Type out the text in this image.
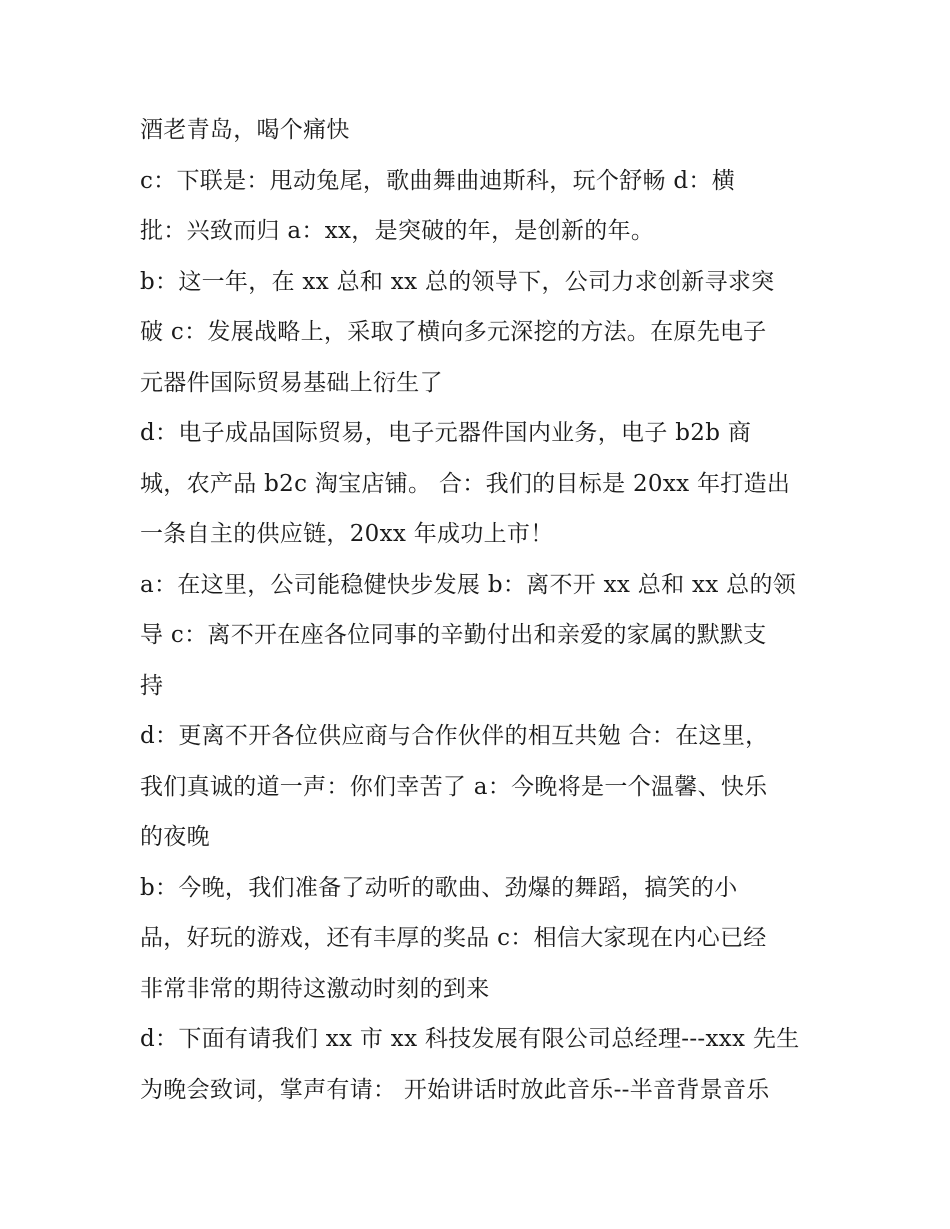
酒老青岛，喝个痛快
c：下联是：甩动兔尾，歌曲舞曲迪斯科，玩个舒畅 d：横
批：兴致而归 a：xx，是突破的年，是创新的年。
b：这一年，在 xx 总和 xx 总的领导下，公司力求创新寻求突
破 c：发展战略上，采取了横向多元深挖的方法。在原先电子
元器件国际贸易基础上衍生了
d：电子成品国际贸易，电子元器件国内业务，电子 b2b 商
城，农产品 b2c 淘宝店铺。 合：我们的目标是 20xx 年打造出
一条自主的供应链，20xx 年成功上市！
a：在这里，公司能稳健快步发展 b：离不开 xx 总和 xx 总的领
导 c：离不开在座各位同事的辛勤付出和亲爱的家属的默默支
持
d：更离不开各位供应商与合作伙伴的相互共勉 合：在这里，
我们真诚的道一声：你们幸苦了 a：今晚将是一个温馨、快乐
的夜晚
b：今晚，我们准备了动听的歌曲、劲爆的舞蹈，搞笑的小
品，好玩的游戏，还有丰厚的奖品 c：相信大家现在内心已经
非常非常的期待这激动时刻的到来
d：下面有请我们 xx 市 xx 科技发展有限公司总经理---xxx 先生
为晚会致词，掌声有请： 开始讲话时放此音乐--半音背景音乐
